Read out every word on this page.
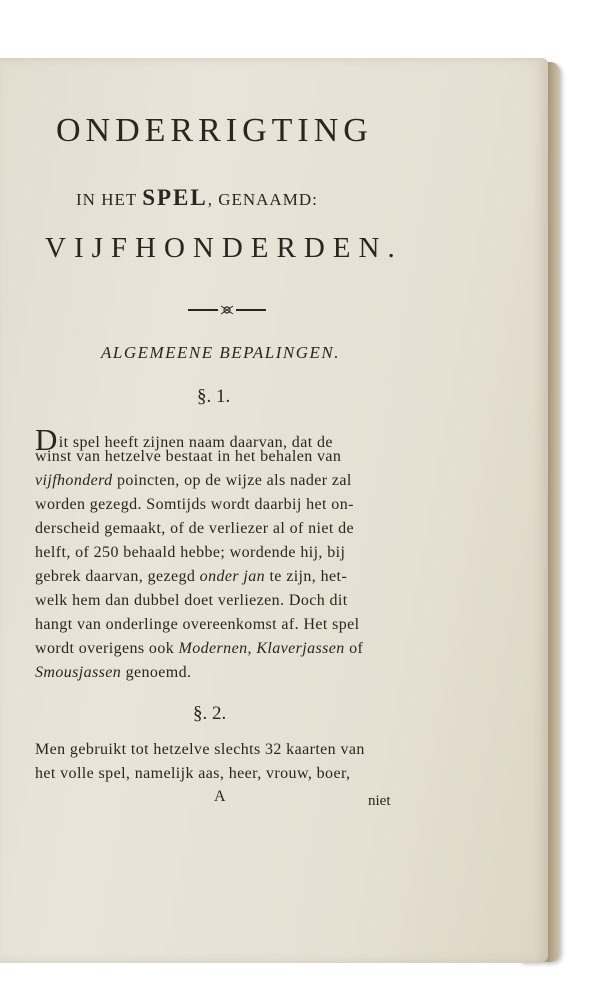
ONDERRIGTING
IN HET SPEL, GENAAMD:
VIJFHONDERDEN.
ALGEMEENE BEPALINGEN.
§. 1.
Dit spel heeft zijnen naam daarvan, dat de
winst van hetzelve bestaat in het behalen van
vijfhonderd poincten, op de wijze als nader zal
worden gezegd. Somtijds wordt daarbij het on-
derscheid gemaakt, of de verliezer al of niet de
helft, of 250 behaald hebbe; wordende hij, bij
gebrek daarvan, gezegd onder jan te zijn, het-
welk hem dan dubbel doet verliezen. Doch dit
hangt van onderlinge overeenkomst af. Het spel
wordt overigens ook Modernen, Klaverjassen of
Smousjassen genoemd.
§. 2.
Men gebruikt tot hetzelve slechts 32 kaarten van
het volle spel, namelijk aas, heer, vrouw, boer,
A	niet
